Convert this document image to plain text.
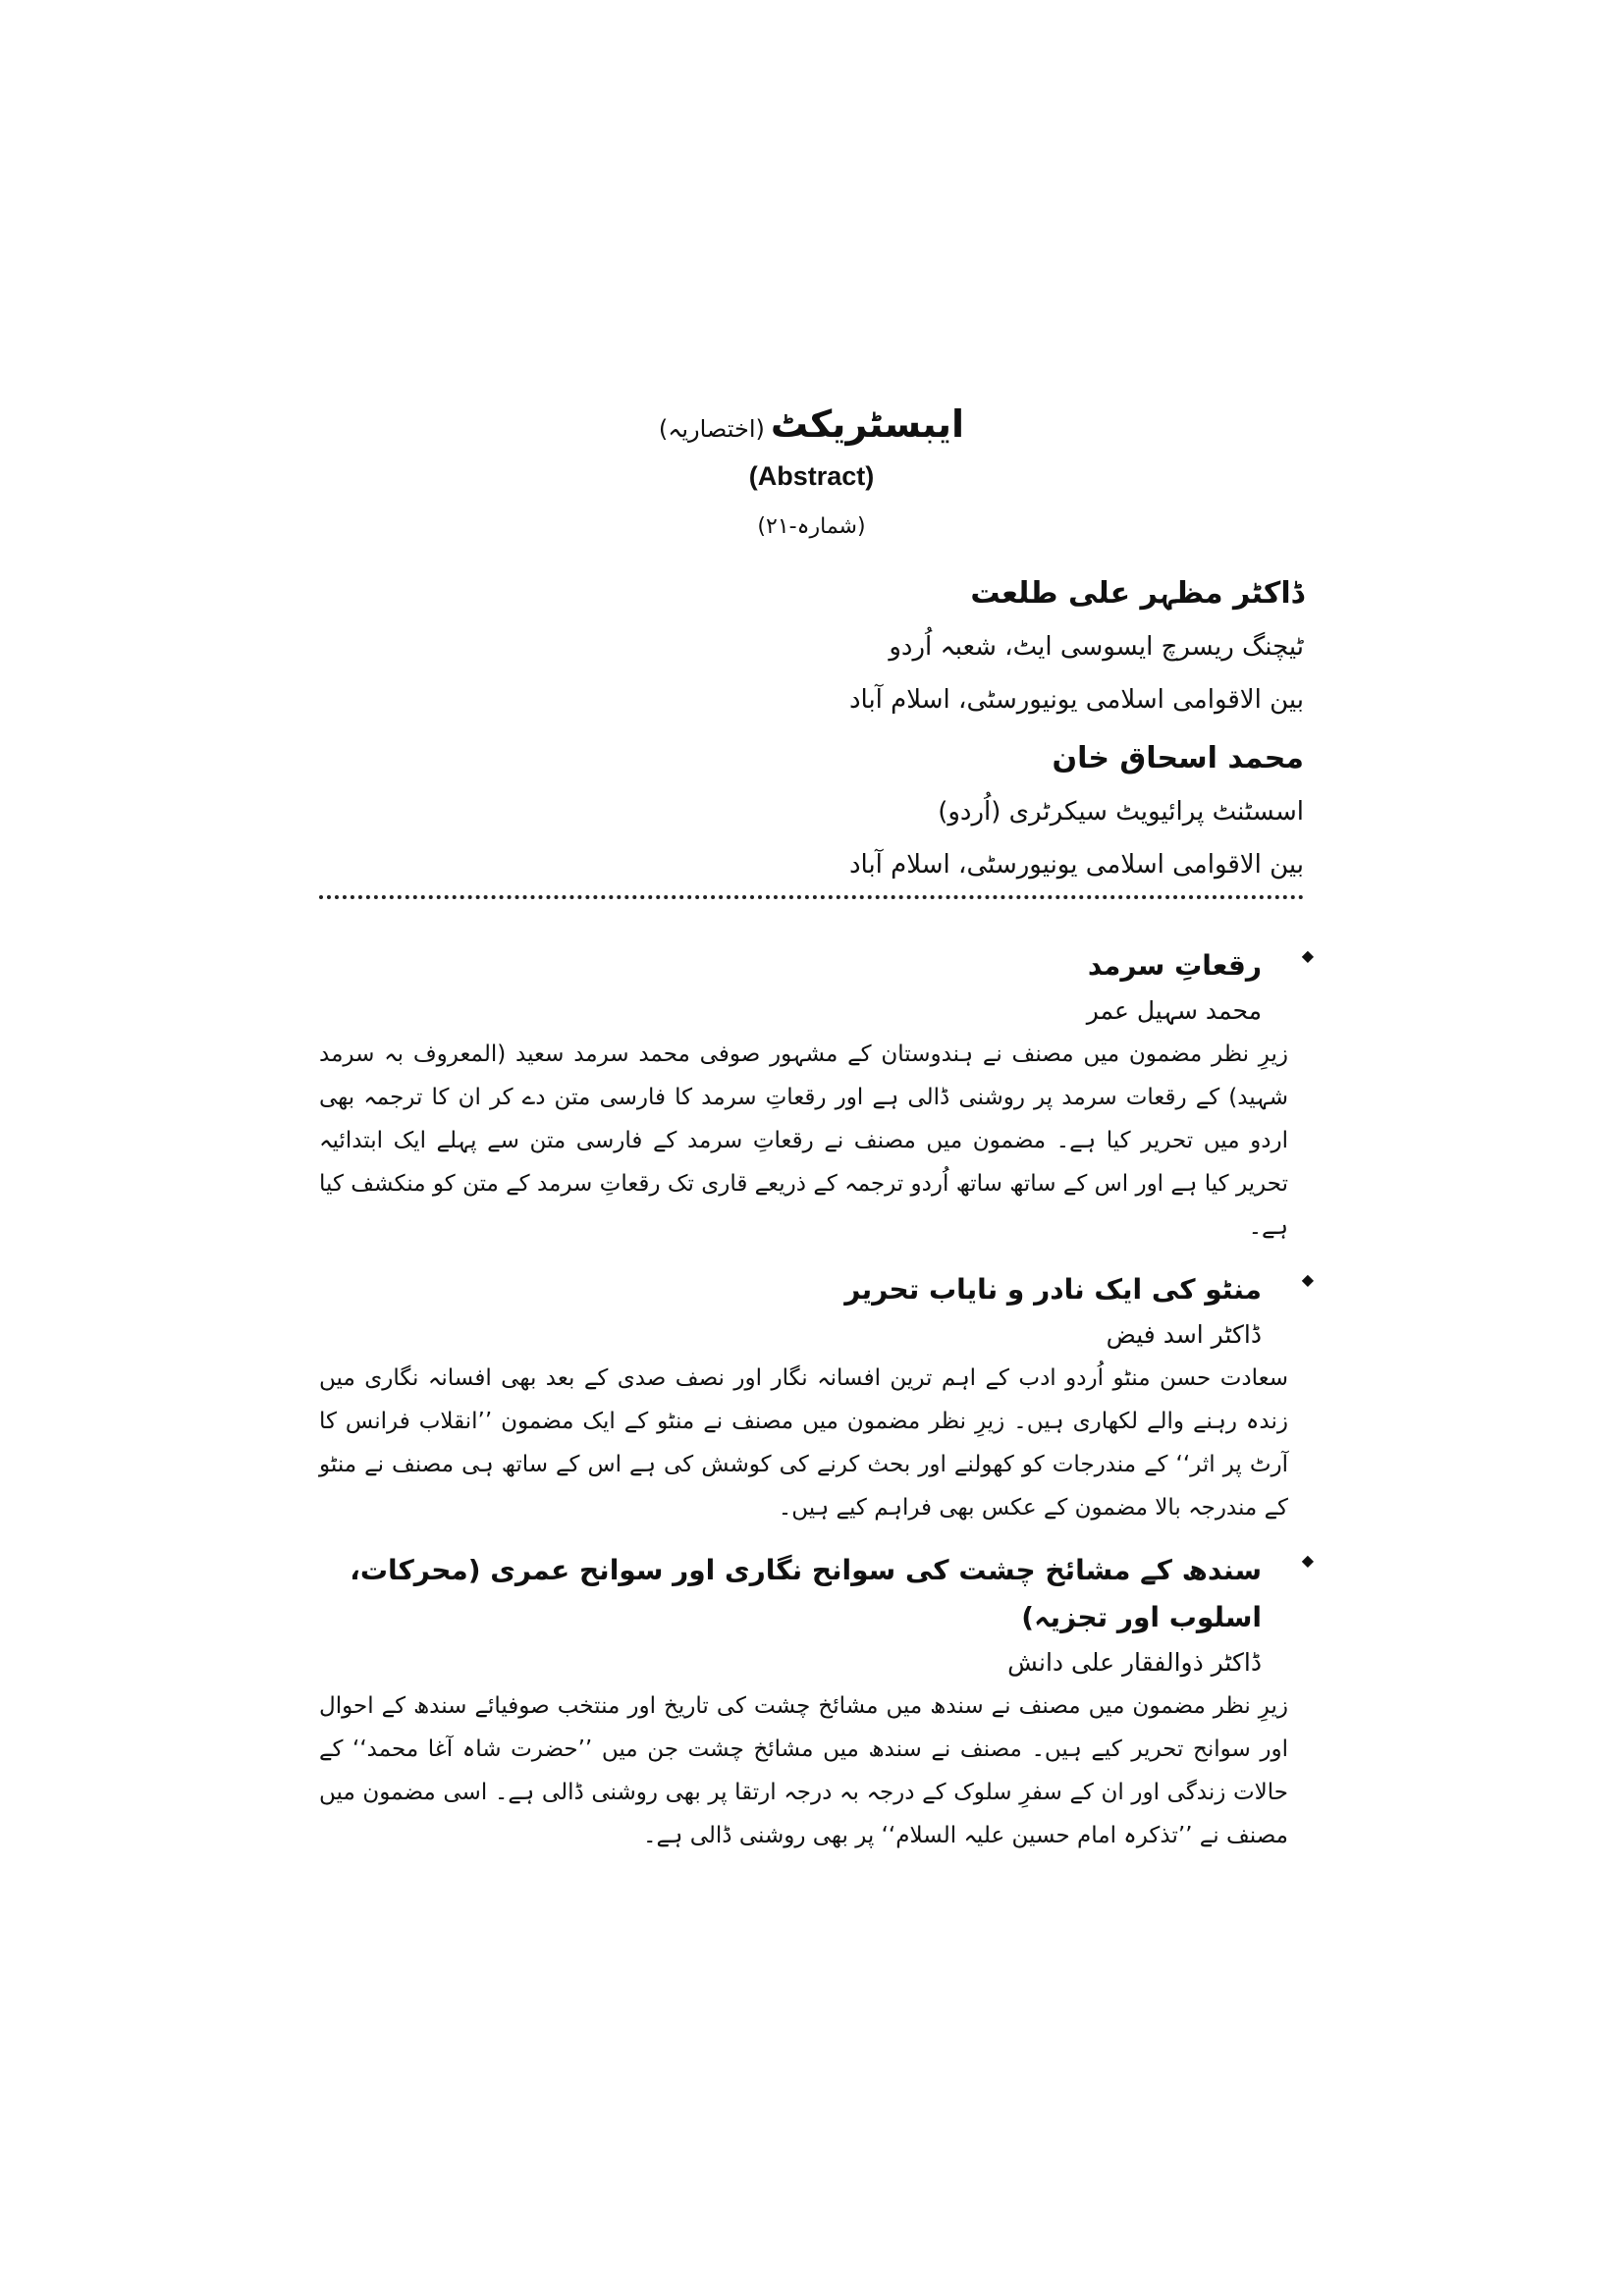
ایبسٹریکٹ(اختصاریہ)
(Abstract)
(شمارہ-۲۱)
ڈاکٹر مظہر علی طلعت
ٹیچنگ ریسرچ ایسوسی ایٹ، شعبہ اُردو
بین الاقوامی اسلامی یونیورسٹی، اسلام آباد
محمد اسحاق خان
اسسٹنٹ پرائیویٹ سیکرٹری (اُردو)
بین الاقوامی اسلامی یونیورسٹی، اسلام آباد
◆
رقعاتِ سرمد
محمد سہیل عمر
زیرِ نظر مضمون میں مصنف نے ہندوستان کے مشہور صوفی محمد سرمد سعید (المعروف بہ سرمد شہید) کے رقعات سرمد پر روشنی ڈالی ہے اور رقعاتِ سرمد کا فارسی متن دے کر ان کا ترجمہ بھی اردو میں تحریر کیا ہے۔ مضمون میں مصنف نے رقعاتِ سرمد کے فارسی متن سے پہلے ایک ابتدائیہ تحریر کیا ہے اور اس کے ساتھ ساتھ اُردو ترجمہ کے ذریعے قاری تک رقعاتِ سرمد کے متن کو منکشف کیا ہے۔
◆
منٹو کی ایک نادر و نایاب تحریر
ڈاکٹر اسد فیض
سعادت حسن منٹو اُردو ادب کے اہم ترین افسانہ نگار اور نصف صدی کے بعد بھی افسانہ نگاری میں زندہ رہنے والے لکھاری ہیں۔ زیرِ نظر مضمون میں مصنف نے منٹو کے ایک مضمون ’’انقلاب فرانس کا آرٹ پر اثر‘‘ کے مندرجات کو کھولنے اور بحث کرنے کی کوشش کی ہے اس کے ساتھ ہی مصنف نے منٹو کے مندرجہ بالا مضمون کے عکس بھی فراہم کیے ہیں۔
◆
سندھ کے مشائخ چشت کی سوانح نگاری اور سوانح عمری (محرکات، اسلوب اور تجزیہ)
ڈاکٹر ذوالفقار علی دانش
زیرِ نظر مضمون میں مصنف نے سندھ میں مشائخ چشت کی تاریخ اور منتخب صوفیائے سندھ کے احوال اور سوانح تحریر کیے ہیں۔ مصنف نے سندھ میں مشائخ چشت جن میں ’’حضرت شاہ آغا محمد‘‘ کے حالات زندگی اور ان کے سفرِ سلوک کے درجہ بہ درجہ ارتقا پر بھی روشنی ڈالی ہے۔ اسی مضمون میں مصنف نے ’’تذکرہ امام حسین علیہ السلام‘‘ پر بھی روشنی ڈالی ہے۔
